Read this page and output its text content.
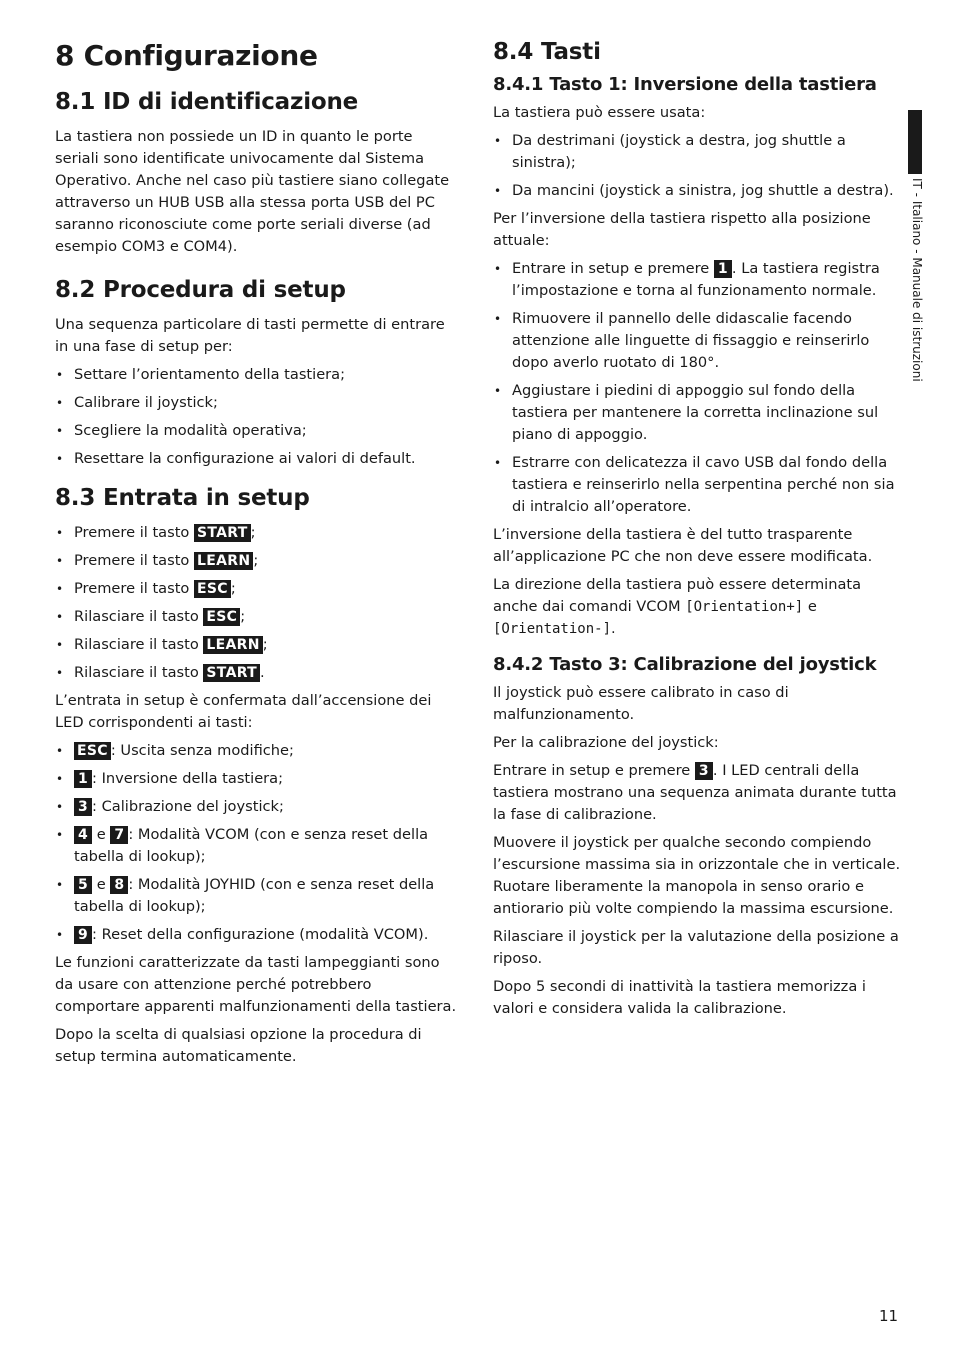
8 Configurazione
8.1 ID di identificazione

La tastiera non possiede un ID in quanto le porte seriali sono identificate univocamente dal Sistema Operativo. Anche nel caso più tastiere siano collegate attraverso un HUB USB alla stessa porta USB del PC saranno riconosciute come porte seriali diverse (ad esempio COM3 e COM4).

8.2 Procedura di setup

Una sequenza particolare di tasti permette di entrare in una fase di setup per:

• Settare l’orientamento della tastiera;
• Calibrare il joystick;
• Scegliere la modalità operativa;
• Resettare la configurazione ai valori di default.
8.3 Entrata in setup
• Premere il tasto START ;
• Premere il tasto LEARN ;
• Premere il tasto ESC ;
• Rilasciare il tasto ESC ;
• Rilasciare il tasto LEARN ;
• Rilasciare il tasto START .

L’entrata in setup è confermata dall’accensione dei LED corrispondenti ai tasti:

• ESC : Uscita senza modifiche;
• 1 : Inversione della tastiera;
• 3 : Calibrazione del joystick;
• 4 e 7 : Modalità VCOM (con e senza reset della tabella di lookup);
• 5 e 8 : Modalità JOYHID (con e senza reset della tabella di lookup);
• 9 : Reset della configurazione (modalità VCOM).

Le funzioni caratterizzate da tasti lampeggianti sono da usare con attenzione perché potrebbero comportare apparenti malfunzionamenti della tastiera.

Dopo la scelta di qualsiasi opzione la procedura di setup termina automaticamente.

8.4 Tasti
8.4.1 Tasto 1: Inversione della tastiera

La tastiera può essere usata:

• Da destrimani (joystick a destra, jog shuttle a sinistra);
• Da mancini (joystick a sinistra, jog shuttle a destra).

Per l’inversione della tastiera rispetto alla posizione attuale:

• Entrare in setup e premere 1 . La tastiera registra l’impostazione e torna al funzionamento normale.
• Rimuovere il pannello delle didascalie facendo attenzione alle linguette di fissaggio e reinserirlo dopo averlo ruotato di 180°.
• Aggiustare i piedini di appoggio sul fondo della tastiera per mantenere la corretta inclinazione sul piano di appoggio.
• Estrarre con delicatezza il cavo USB dal fondo della tastiera e reinserirlo nella serpentina perché non sia di intralcio all’operatore.

L’inversione della tastiera è del tutto trasparente all’applicazione PC che non deve essere modificata.

La direzione della tastiera può essere determinata anche dai comandi VCOM [Orientation+] e [Orientation-].

8.4.2 Tasto 3: Calibrazione del joystick

Il joystick può essere calibrato in caso di malfunzionamento.

Per la calibrazione del joystick:

Entrare in setup e premere 3 . I LED centrali della tastiera mostrano una sequenza animata durante tutta la fase di calibrazione.

Muovere il joystick per qualche secondo compiendo l’escursione massima sia in orizzontale che in verticale. Ruotare liberamente la manopola in senso orario e antiorario più volte compiendo la massima escursione.

Rilasciare il joystick per la valutazione della posizione a riposo.

Dopo 5 secondi di inattività la tastiera memorizza i valori e considera valida la calibrazione.

IT - Italiano - Manuale di istruzioni
11
